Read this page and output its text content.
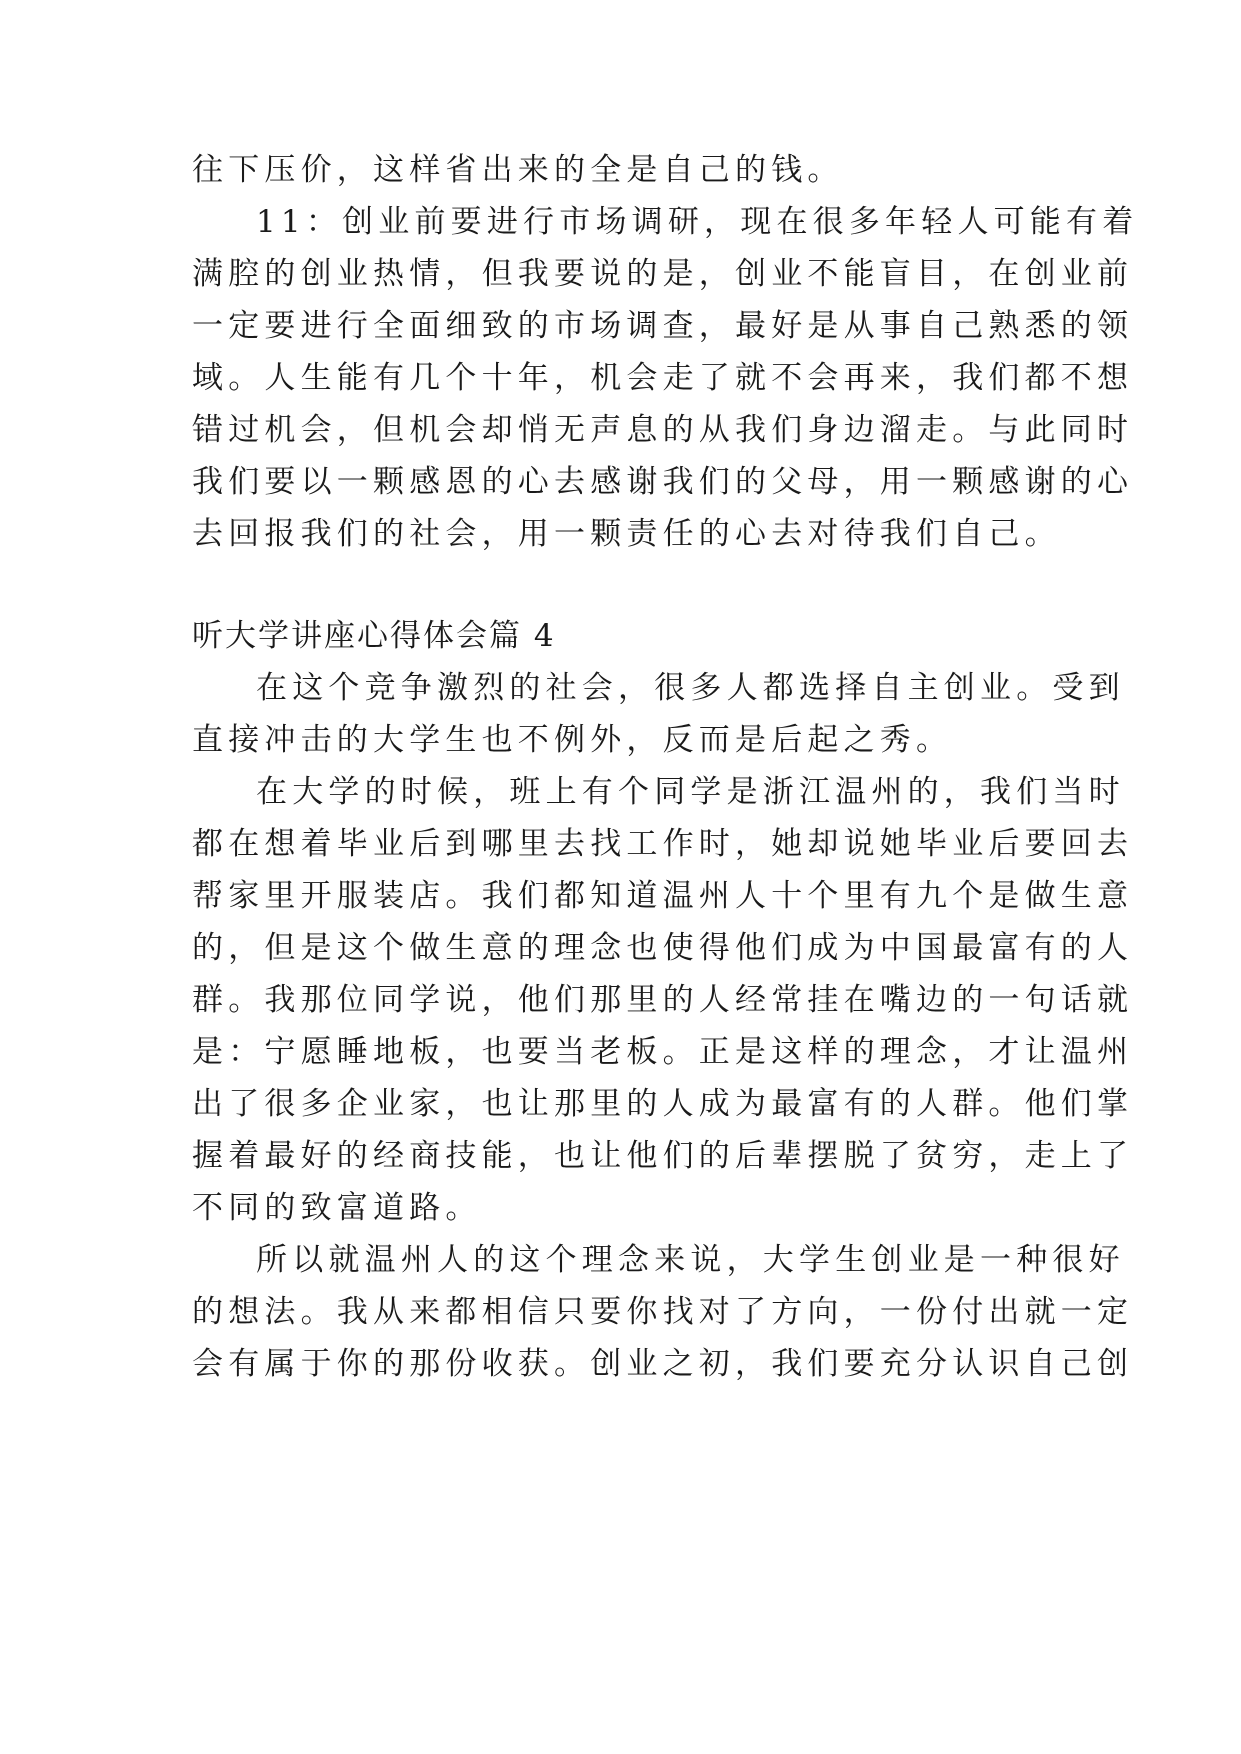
往下压价，这样省出来的全是自己的钱。
11：创业前要进行市场调研，现在很多年轻人可能有着
满腔的创业热情，但我要说的是，创业不能盲目，在创业前
一定要进行全面细致的市场调查，最好是从事自己熟悉的领
域。人生能有几个十年，机会走了就不会再来，我们都不想
错过机会，但机会却悄无声息的从我们身边溜走。与此同时
我们要以一颗感恩的心去感谢我们的父母，用一颗感谢的心
去回报我们的社会，用一颗责任的心去对待我们自己。
听大学讲座心得体会篇 4
在这个竞争激烈的社会，很多人都选择自主创业。受到
直接冲击的大学生也不例外，反而是后起之秀。
在大学的时候，班上有个同学是浙江温州的，我们当时
都在想着毕业后到哪里去找工作时，她却说她毕业后要回去
帮家里开服装店。我们都知道温州人十个里有九个是做生意
的，但是这个做生意的理念也使得他们成为中国最富有的人
群。我那位同学说，他们那里的人经常挂在嘴边的一句话就
是：宁愿睡地板，也要当老板。正是这样的理念，才让温州
出了很多企业家，也让那里的人成为最富有的人群。他们掌
握着最好的经商技能，也让他们的后辈摆脱了贫穷，走上了
不同的致富道路。
所以就温州人的这个理念来说，大学生创业是一种很好
的想法。我从来都相信只要你找对了方向，一份付出就一定
会有属于你的那份收获。创业之初，我们要充分认识自己创
